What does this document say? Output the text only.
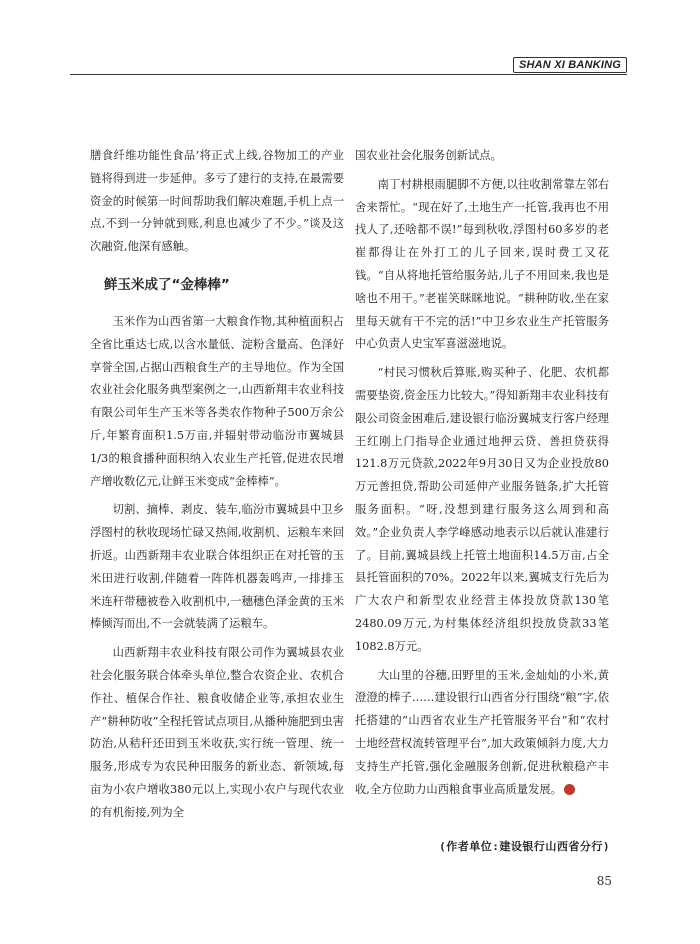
SHAN XI BANKING

膳食纤维功能性食品’将正式上线,谷物加工的产业链将得到进一步延伸。多亏了建行的支持,在最需要资金的时候第一时间帮助我们解决难题,手机上点一点,不到一分钟就到账,利息也减少了不少。”谈及这次融资,他深有感触。

鲜玉米成了“金棒棒”

玉米作为山西省第一大粮食作物,其种植面积占全省比重达七成,以含水量低、淀粉含量高、色泽好享誉全国,占据山西粮食生产的主导地位。作为全国农业社会化服务典型案例之一,山西新翔丰农业科技有限公司年生产玉米等各类农作物种子500万余公斤,年繁育面积1.5万亩,并辐射带动临汾市翼城县1/3的粮食播种面积纳入农业生产托管,促进农民增产增收数亿元,让鲜玉米变成“金棒棒”。

切割、摘棒、剥皮、装车,临汾市翼城县中卫乡浮图村的秋收现场忙碌又热闹,收割机、运粮车来回折返。山西新翔丰农业联合体组织正在对托管的玉米田进行收割,伴随着一阵阵机器轰鸣声,一排排玉米连秆带穗被卷入收割机中,一穗穗色泽金黄的玉米棒倾泻而出,不一会就装满了运粮车。

山西新翔丰农业科技有限公司作为翼城县农业社会化服务联合体牵头单位,整合农资企业、农机合作社、植保合作社、粮食收储企业等,承担农业生产“耕种防收”全程托管试点项目,从播种施肥到虫害防治,从秸秆还田到玉米收获,实行统一管理、统一服务,形成专为农民种田服务的新业态、新领域,每亩为小农户增收380元以上,实现小农户与现代农业的有机衔接,列为全

国农业社会化服务创新试点。

南丁村耕根雨腿脚不方便,以往收割常靠左邻右舍来帮忙。“现在好了,土地生产一托管,我再也不用找人了,还啥都不误!”每到秋收,浮图村60多岁的老崔都得让在外打工的儿子回来,误时费工又花钱。“自从将地托管给服务站,儿子不用回来,我也是啥也不用干。”老崔笑眯眯地说。“耕种防收,坐在家里每天就有干不完的活!”中卫乡农业生产托管服务中心负责人史宝军喜滋滋地说。

“村民习惯秋后算账,购买种子、化肥、农机都需要垫资,资金压力比较大。”得知新翔丰农业科技有限公司资金困难后,建设银行临汾翼城支行客户经理王红刚上门指导企业通过地押云贷、善担贷获得121.8万元贷款,2022年9月30日又为企业投放80万元善担贷,帮助公司延伸产业服务链条,扩大托管服务面积。“呀,没想到建行服务这么周到和高效。”企业负责人李学峰感动地表示以后就认准建行了。目前,翼城县线上托管土地面积14.5万亩,占全县托管面积的70%。2022年以来,翼城支行先后为广大农户和新型农业经营主体投放贷款130笔2480.09万元,为村集体经济组织投放贷款33笔1082.8万元。

大山里的谷穗,田野里的玉米,金灿灿的小米,黄澄澄的棒子……建设银行山西省分行围绕“粮”字,依托搭建的“山西省农业生产托管服务平台”和“农村土地经营权流转管理平台”,加大政策倾斜力度,大力支持生产托管,强化金融服务创新,促进秋粮稳产丰收,全方位助力山西粮食事业高质量发展。	合

(作者单位:建设银行山西省分行)
85
